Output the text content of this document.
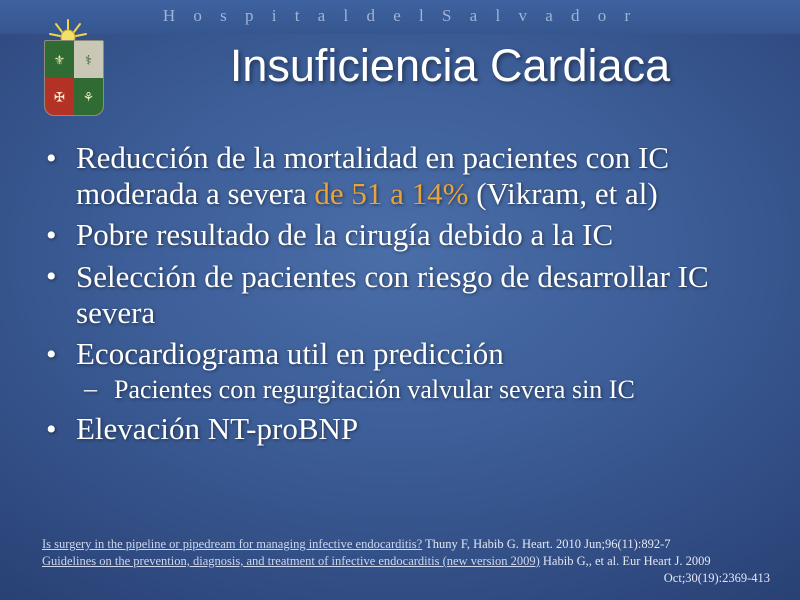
H o s p i t a l d e l S a l v a d o r
⚜ ⚕
✠ ⚘
Insuficiencia Cardiaca
• Reducción de la mortalidad en pacientes con IC moderada a severa de 51 a 14% (Vikram, et al)
• Pobre resultado de la cirugía debido a la IC
• Selección de pacientes con riesgo de desarrollar IC severa
• Ecocardiograma util en predicción
– Pacientes con regurgitación valvular severa sin IC
• Elevación NT-proBNP
Is surgery in the pipeline or pipedream for managing infective endocarditis? Thuny F, Habib G. Heart. 2010 Jun;96(11):892-7
Guidelines on the prevention, diagnosis, and treatment of infective endocarditis (new version 2009) Habib G,, et al. Eur Heart J. 2009
Oct;30(19):2369-413
